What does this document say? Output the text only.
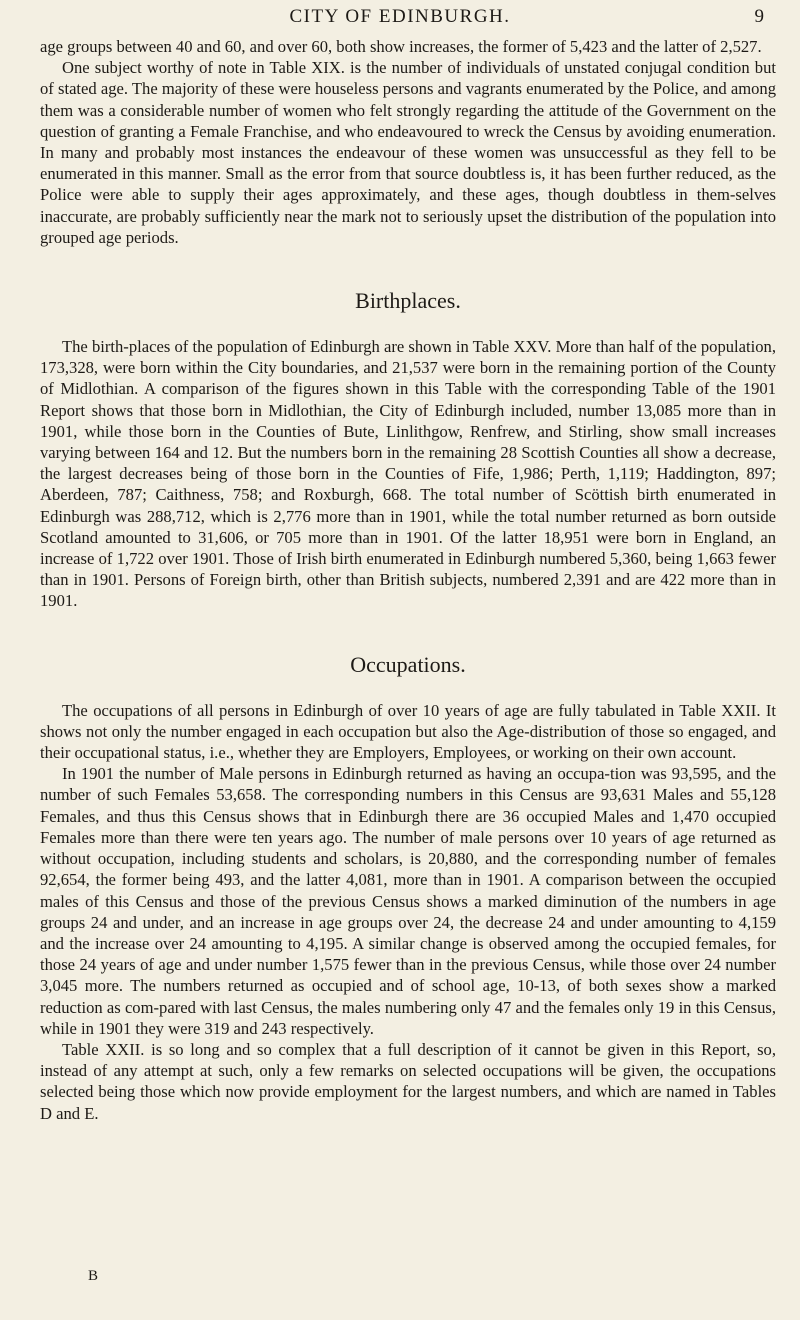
CITY OF EDINBURGH.	9

age groups between 40 and 60, and over 60, both show increases, the former of 5,423 and the latter of 2,527.

One subject worthy of note in Table XIX. is the number of individuals of unstated conjugal condition but of stated age. The majority of these were houseless persons and vagrants enumerated by the Police, and among them was a considerable number of women who felt strongly regarding the attitude of the Government on the question of granting a Female Franchise, and who endeavoured to wreck the Census by avoiding enumeration. In many and probably most instances the endeavour of these women was unsuccessful as they fell to be enumerated in this manner. Small as the error from that source doubtless is, it has been further reduced, as the Police were able to supply their ages approximately, and these ages, though doubtless in them-selves inaccurate, are probably sufficiently near the mark not to seriously upset the distribution of the population into grouped age periods.

Birthplaces.

The birth-places of the population of Edinburgh are shown in Table XXV. More than half of the population, 173,328, were born within the City boundaries, and 21,537 were born in the remaining portion of the County of Midlothian. A comparison of the figures shown in this Table with the corresponding Table of the 1901 Report shows that those born in Midlothian, the City of Edinburgh included, number 13,085 more than in 1901, while those born in the Counties of Bute, Linlithgow, Renfrew, and Stirling, show small increases varying between 164 and 12. But the numbers born in the remaining 28 Scottish Counties all show a decrease, the largest decreases being of those born in the Counties of Fife, 1,986; Perth, 1,119; Haddington, 897; Aberdeen, 787; Caithness, 758; and Roxburgh, 668. The total number of Scöttish birth enumerated in Edinburgh was 288,712, which is 2,776 more than in 1901, while the total number returned as born outside Scotland amounted to 31,606, or 705 more than in 1901. Of the latter 18,951 were born in England, an increase of 1,722 over 1901. Those of Irish birth enumerated in Edinburgh numbered 5,360, being 1,663 fewer than in 1901. Persons of Foreign birth, other than British subjects, numbered 2,391 and are 422 more than in 1901.

Occupations.

The occupations of all persons in Edinburgh of over 10 years of age are fully tabulated in Table XXII. It shows not only the number engaged in each occupation but also the Age-distribution of those so engaged, and their occupational status, i.e., whether they are Employers, Employees, or working on their own account.

In 1901 the number of Male persons in Edinburgh returned as having an occupa-tion was 93,595, and the number of such Females 53,658. The corresponding numbers in this Census are 93,631 Males and 55,128 Females, and thus this Census shows that in Edinburgh there are 36 occupied Males and 1,470 occupied Females more than there were ten years ago. The number of male persons over 10 years of age returned as without occupation, including students and scholars, is 20,880, and the corresponding number of females 92,654, the former being 493, and the latter 4,081, more than in 1901. A comparison between the occupied males of this Census and those of the previous Census shows a marked diminution of the numbers in age groups 24 and under, and an increase in age groups over 24, the decrease 24 and under amounting to 4,159 and the increase over 24 amounting to 4,195. A similar change is observed among the occupied females, for those 24 years of age and under number 1,575 fewer than in the previous Census, while those over 24 number 3,045 more. The numbers returned as occupied and of school age, 10-13, of both sexes show a marked reduction as com-pared with last Census, the males numbering only 47 and the females only 19 in this Census, while in 1901 they were 319 and 243 respectively.

Table XXII. is so long and so complex that a full description of it cannot be given in this Report, so, instead of any attempt at such, only a few remarks on selected occupations will be given, the occupations selected being those which now provide employment for the largest numbers, and which are named in Tables D and E.

B
